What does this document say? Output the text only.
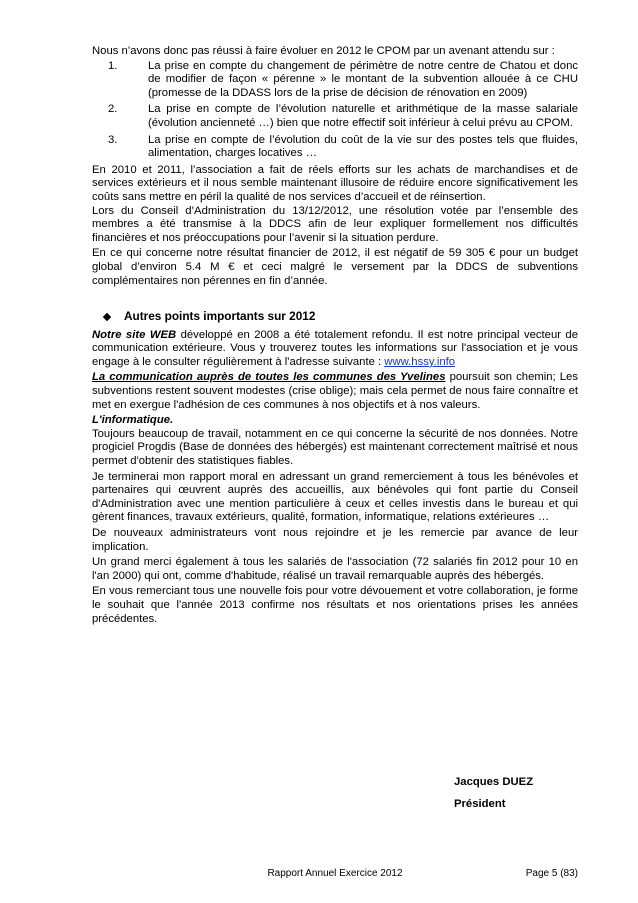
Nous n’avons donc pas réussi à faire évoluer en 2012 le CPOM par un avenant attendu sur :

1.	La prise en compte du changement de périmètre de notre centre de Chatou et donc de modifier de façon « pérenne » le montant de la subvention allouée à ce CHU (promesse de la DDASS lors de la prise de décision de rénovation en 2009)
2.	La prise en compte de l’évolution naturelle et arithmétique de la masse salariale (évolution ancienneté …) bien que notre effectif soit inférieur à celui prévu au CPOM.
3.	La prise en compte de l’évolution du coût de la vie sur des postes tels que fluides, alimentation, charges locatives …

En 2010 et 2011, l’association a fait de réels efforts sur les achats de marchandises et de services extérieurs et il nous semble maintenant illusoire de réduire encore significativement les coûts sans mettre en péril la qualité de nos services d’accueil et de réinsertion.

Lors du Conseil d’Administration du 13/12/2012, une résolution votée par l’ensemble des membres a été transmise à la DDCS afin de leur expliquer formellement nos difficultés financières et nos préoccupations pour l’avenir si la situation perdure.

En ce qui concerne notre résultat financier de 2012, il est négatif de 59 305 € pour un budget global d’environ 5.4 M € et ceci malgré le versement par la DDCS de subventions complémentaires non pérennes en fin d’année.

Autres points importants sur 2012

Notre site WEB développé en 2008 a été totalement refondu. Il est notre principal vecteur de communication extérieure. Vous y trouverez toutes les informations sur l'association et je vous engage à le consulter régulièrement à l'adresse suivante : www.hssy.info

La communication auprès de toutes les communes des Yvelines poursuit son chemin; Les subventions restent souvent modestes (crise oblige); mais cela permet de nous faire connaître et met en exergue l'adhésion de ces communes à nos objectifs et à nos valeurs.

L'informatique.

Toujours beaucoup de travail, notamment en ce qui concerne la sécurité de nos données. Notre progiciel Progdis (Base de données des hébergés) est maintenant correctement maîtrisé et nous permet d'obtenir des statistiques fiables.

Je terminerai mon rapport moral en adressant un grand remerciement à tous les bénévoles et partenaires qui œuvrent auprès des accueillis, aux bénévoles qui font partie du Conseil d'Administration avec une mention particulière à ceux et celles investis dans le bureau et qui gèrent finances, travaux extérieurs, qualité, formation, informatique, relations extérieures …

De nouveaux administrateurs vont nous rejoindre et je les remercie par avance de leur implication.

Un grand merci également à tous les salariés de l'association (72 salariés fin 2012 pour 10 en l'an 2000) qui ont, comme d'habitude, réalisé un travail remarquable auprès des hébergés.

En vous remerciant tous une nouvelle fois pour votre dévouement et votre collaboration, je forme le souhait que l'année 2013 confirme nos résultats et nos orientations prises les années précédentes.

Jacques DUEZ
Président
Rapport Annuel Exercice 2012	Page 5 (83)
